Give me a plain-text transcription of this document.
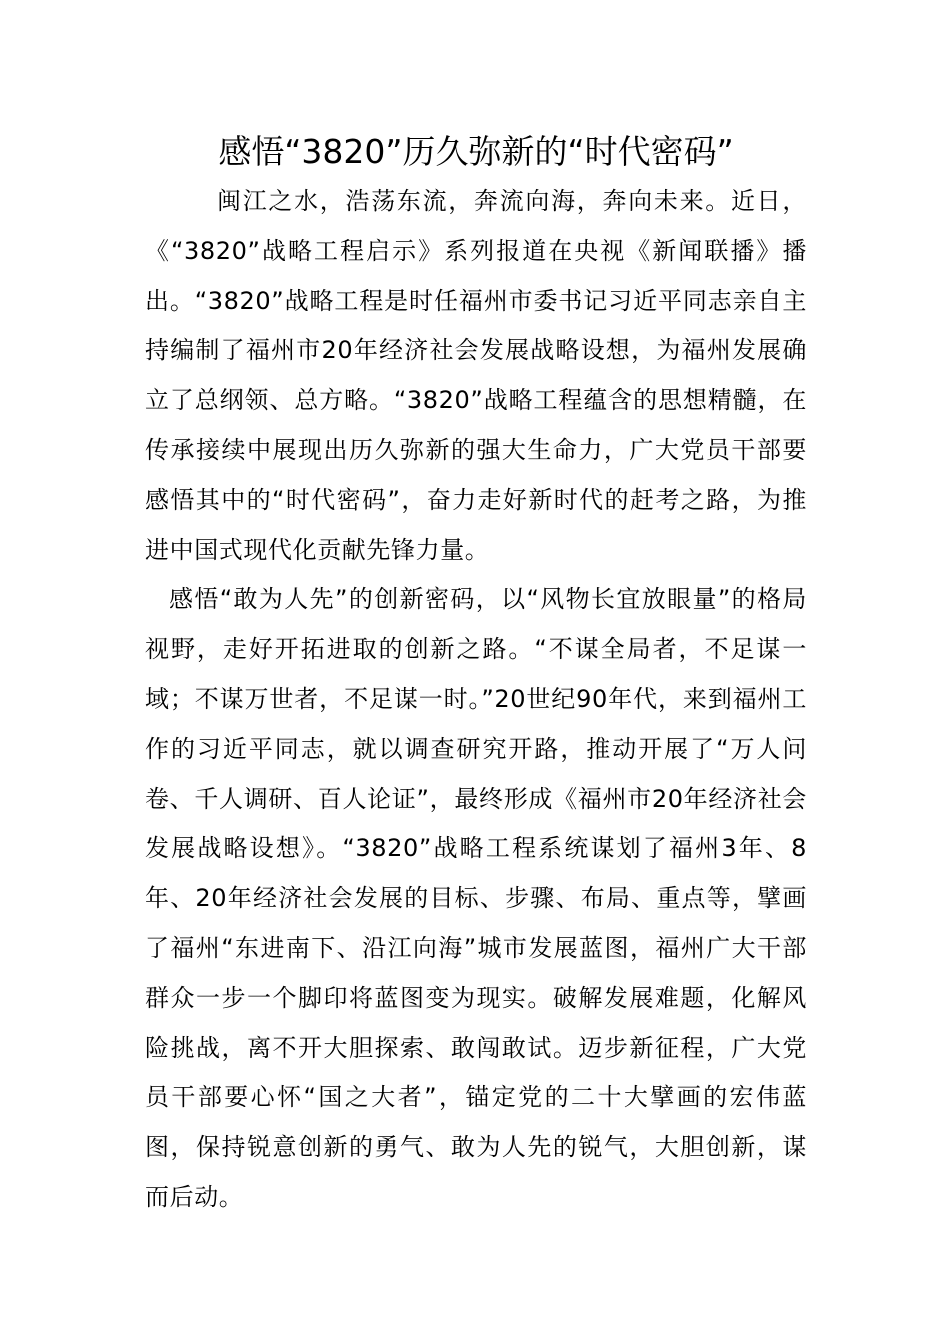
感悟“3820”历久弥新的“时代密码”

闽江之水，浩荡东流，奔流向海，奔向未来。近日，《“3820”战略工程启示》系列报道在央视《新闻联播》播出。“3820”战略工程是时任福州市委书记习近平同志亲自主持编制了福州市20年经济社会发展战略设想，为福州发展确立了总纲领、总方略。“3820”战略工程蕴含的思想精髓，在传承接续中展现出历久弥新的强大生命力，广大党员干部要感悟其中的“时代密码”，奋力走好新时代的赶考之路，为推进中国式现代化贡献先锋力量。

感悟“敢为人先”的创新密码，以“风物长宜放眼量”的格局视野，走好开拓进取的创新之路。“不谋全局者，不足谋一域；不谋万世者，不足谋一时。”20世纪90年代，来到福州工作的习近平同志，就以调查研究开路，推动开展了“万人问卷、千人调研、百人论证”，最终形成《福州市20年经济社会发展战略设想》。“3820”战略工程系统谋划了福州3年、8年、20年经济社会发展的目标、步骤、布局、重点等，擘画了福州“东进南下、沿江向海”城市发展蓝图，福州广大干部群众一步一个脚印将蓝图变为现实。破解发展难题，化解风险挑战，离不开大胆探索、敢闯敢试。迈步新征程，广大党员干部要心怀“国之大者”，锚定党的二十大擘画的宏伟蓝图，保持锐意创新的勇气、敢为人先的锐气，大胆创新，谋而后动。
